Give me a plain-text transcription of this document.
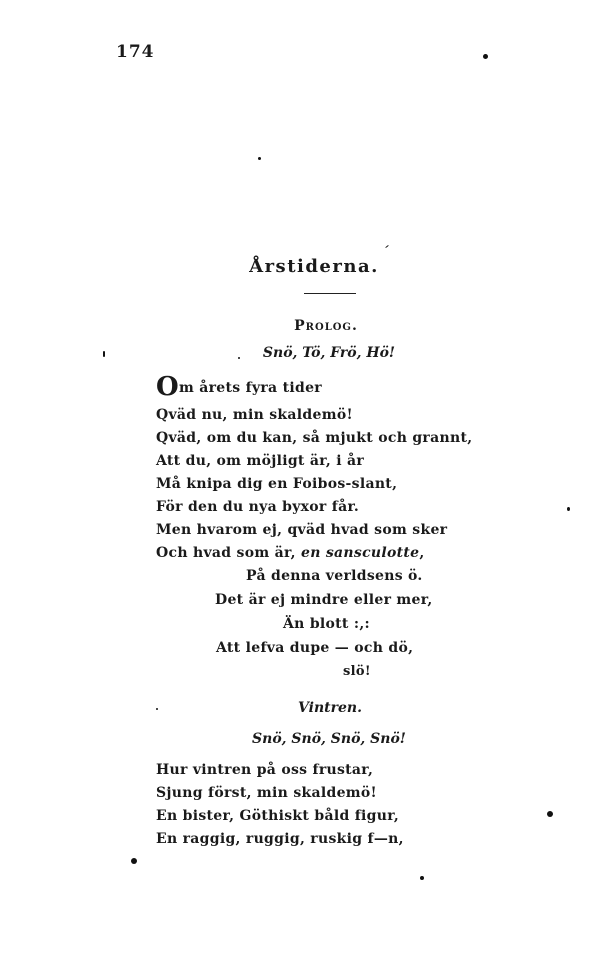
174
Årstiderna.
Prolog.
Snö, Tö, Frö, Hö!
Om årets fyra tider
Qväd nu, min skaldemö!
Qväd, om du kan, så mjukt och grannt,
Att du, om möjligt är, i år
Må knipa dig en Foibos-slant,
För den du nya byxor får.
Men hvarom ej, qväd hvad som sker
Och hvad som är, en sansculotte,
På denna verldsens ö.
Det är ej mindre eller mer,
Än blott :,:
Att lefva dupe — och dö,
slö!
Vintren.
Snö, Snö, Snö, Snö!
Hur vintren på oss frustar,
Sjung först, min skaldemö!
En bister, Göthiskt båld figur,
En raggig, ruggig, ruskig f—n,
